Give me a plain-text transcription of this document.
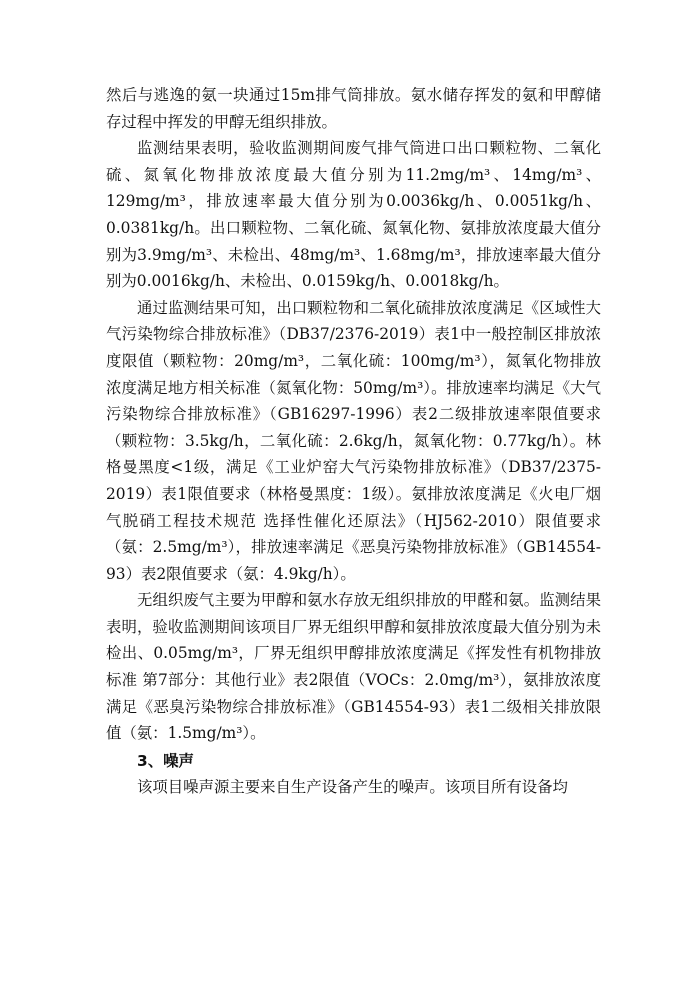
然后与逃逸的氨一块通过15m排气筒排放。氨水储存挥发的氨和甲醇储存过程中挥发的甲醇无组织排放。

监测结果表明，验收监测期间废气排气筒进口出口颗粒物、二氧化硫、氮氧化物排放浓度最大值分别为11.2mg/m³、14mg/m³、129mg/m³，排放速率最大值分别为0.0036kg/h、0.0051kg/h、0.0381kg/h。出口颗粒物、二氧化硫、氮氧化物、氨排放浓度最大值分别为3.9mg/m³、未检出、48mg/m³、1.68mg/m³，排放速率最大值分别为0.0016kg/h、未检出、0.0159kg/h、0.0018kg/h。

通过监测结果可知，出口颗粒物和二氧化硫排放浓度满足《区域性大气污染物综合排放标准》（DB37/2376-2019）表1中一般控制区排放浓度限值（颗粒物：20mg/m³，二氧化硫：100mg/m³），氮氧化物排放浓度满足地方相关标准（氮氧化物：50mg/m³）。排放速率均满足《大气污染物综合排放标准》（GB16297-1996）表2二级排放速率限值要求（颗粒物：3.5kg/h，二氧化硫：2.6kg/h，氮氧化物：0.77kg/h）。林格曼黑度<1级，满足《工业炉窑大气污染物排放标准》（DB37/2375-2019）表1限值要求（林格曼黑度：1级）。氨排放浓度满足《火电厂烟气脱硝工程技术规范 选择性催化还原法》（HJ562-2010）限值要求（氨：2.5mg/m³），排放速率满足《恶臭污染物排放标准》（GB14554-93）表2限值要求（氨：4.9kg/h）。

无组织废气主要为甲醇和氨水存放无组织排放的甲醛和氨。监测结果表明，验收监测期间该项目厂界无组织甲醇和氨排放浓度最大值分别为未检出、0.05mg/m³，厂界无组织甲醇排放浓度满足《挥发性有机物排放标准 第7部分：其他行业》表2限值（VOCs：2.0mg/m³），氨排放浓度满足《恶臭污染物综合排放标准》（GB14554-93）表1二级相关排放限值（氨：1.5mg/m³）。

3、噪声

该项目噪声源主要来自生产设备产生的噪声。该项目所有设备均
